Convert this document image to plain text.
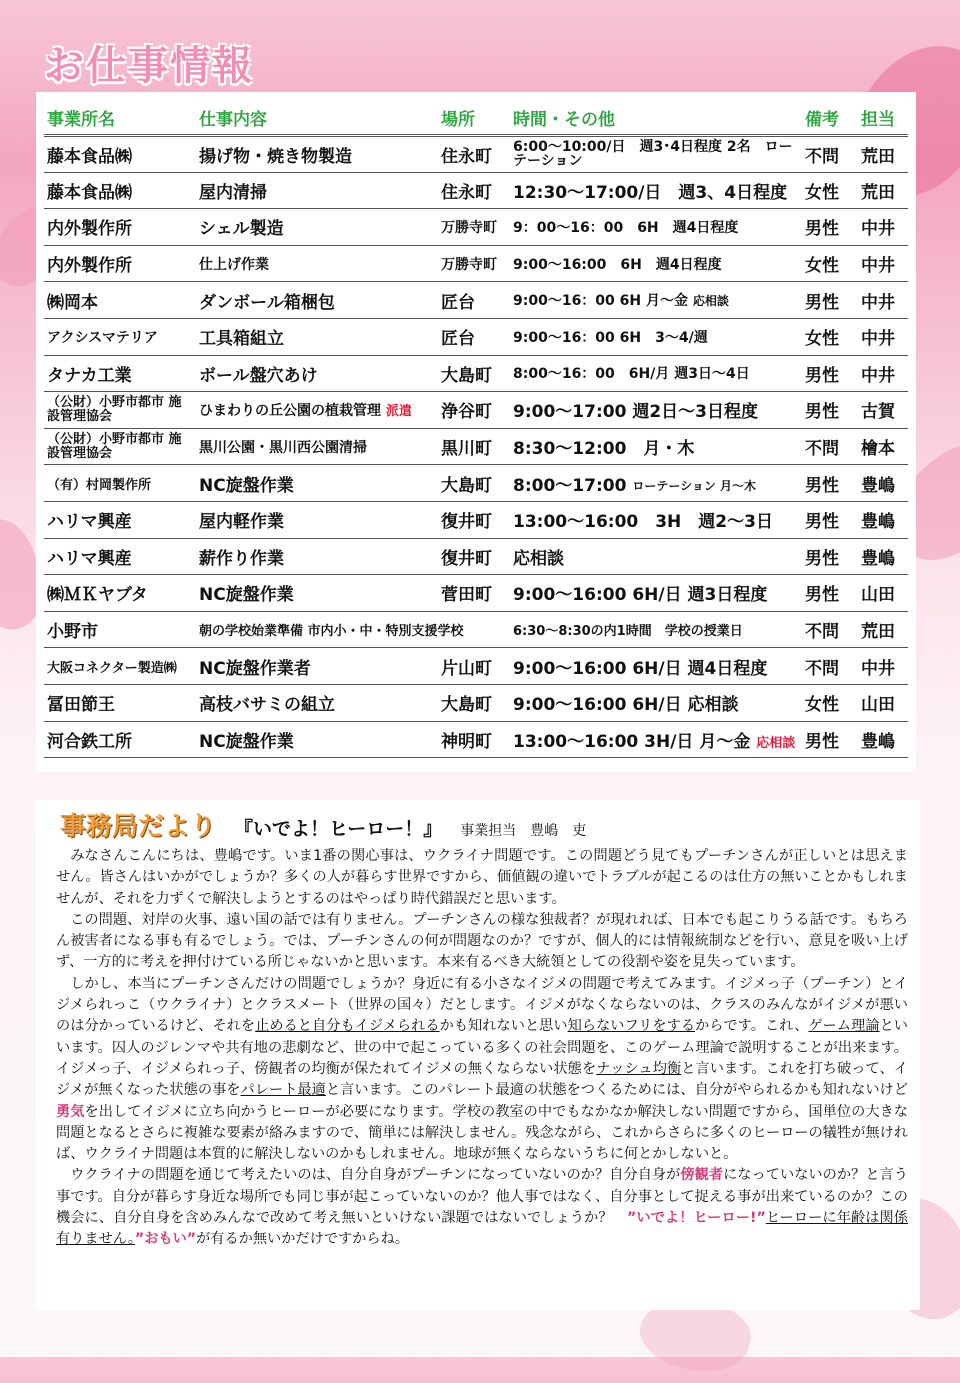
お仕事情報
事業所名	仕事内容	場所	時間・その他	備考	担当
藤本食品㈱	揚げ物・焼き物製造	住永町	6:00〜10:00/日　週3･4日程度 2名　ローテーション	不問	荒田
藤本食品㈱	屋内清掃	住永町	12:30〜17:00/日　週3、4日程度	女性	荒田
内外製作所	シェル製造	万勝寺町	9：00〜16：00　6H　週4日程度	男性	中井
内外製作所	仕上げ作業	万勝寺町	9:00〜16:00　6H　週4日程度	女性	中井
㈱岡本	ダンボール箱梱包	匠台	9:00〜16：00 6H 月〜金 応相談	男性	中井
アクシスマテリア	工具箱組立	匠台	9:00〜16：00 6H　3〜4/週	女性	中井
タナカ工業	ボール盤穴あけ	大島町	8:00〜16：00　6H/月 週3日〜4日	男性	中井
（公財）小野市都市 施設管理協会	ひまわりの丘公園の植栽管理 派遣	浄谷町	9:00〜17:00 週2日〜3日程度	男性	古賀
（公財）小野市都市 施設管理協会	黒川公園・黒川西公園清掃	黒川町	8:30〜12:00　月・木	不問	檜本
（有）村岡製作所	NC旋盤作業	大島町	8:00〜17:00 ローテーション 月〜木	男性	豊嶋
ハリマ興産	屋内軽作業	復井町	13:00〜16:00　3H　週2〜3日	男性	豊嶋
ハリマ興産	薪作り作業	復井町	応相談	男性	豊嶋
㈱ＭＫヤブタ	NC旋盤作業	菅田町	9:00〜16:00 6H/日 週3日程度	男性	山田
小野市	朝の学校始業準備 市内小・中・特別支援学校		6:30〜8:30の内1時間　学校の授業日	不問	荒田
大阪コネクター製造㈱	NC旋盤作業者	片山町	9:00〜16:00 6H/日 週4日程度	不問	中井
冨田節王	高枝バサミの組立	大島町	9:00〜16:00 6H/日 応相談	女性	山田
河合鉄工所	NC旋盤作業	神明町	13:00〜16:00 3H/日 月〜金 応相談	男性	豊嶋
事務局だより 『いでよ！ヒーロー！』 事業担当　豊嶋　吏

みなさんこんにちは、豊嶋です。いま1番の関心事は、ウクライナ問題です。この問題どう見てもプーチンさんが正しいとは思えません。皆さんはいかがでしょうか？多くの人が暮らす世界ですから、価値観の違いでトラブルが起こるのは仕方の無いことかもしれませんが、それを力ずくで解決しようとするのはやっぱり時代錯誤だと思います。

この問題、対岸の火事、遠い国の話では有りません。プーチンさんの様な独裁者？が現れれば、日本でも起こりうる話です。もちろん被害者になる事も有るでしょう。では、プーチンさんの何が問題なのか？ですが、個人的には情報統制などを行い、意見を吸い上げず、一方的に考えを押付けている所じゃないかと思います。本来有るべき大統領としての役割や姿を見失っています。

しかし、本当にプーチンさんだけの問題でしょうか？身近に有る小さなイジメの問題で考えてみます。イジメっ子（プーチン）とイジメられっこ（ウクライナ）とクラスメート（世界の国々）だとします。イジメがなくならないのは、クラスのみんながイジメが悪いのは分かっているけど、それを止めると自分もイジメられるかも知れないと思い知らないフリをするからです。これ、ゲーム理論といいます。囚人のジレンマや共有地の悲劇など、世の中で起こっている多くの社会問題を、このゲーム理論で説明することが出来ます。イジメっ子、イジメられっ子、傍観者の均衡が保たれてイジメの無くならない状態をナッシュ均衡と言います。これを打ち破って、イジメが無くなった状態の事をパレート最適と言います。このパレート最適の状態をつくるためには、自分がやられるかも知れないけど勇気を出してイジメに立ち向かうヒーローが必要になります。学校の教室の中でもなかなか解決しない問題ですから、国単位の大きな問題となるとさらに複雑な要素が絡みますので、簡単には解決しません。残念ながら、これからさらに多くのヒーローの犠牲が無ければ、ウクライナ問題は本質的に解決しないのかもしれません。地球が無くならないうちに何とかしないと。

ウクライナの問題を通じて考えたいのは、自分自身がプーチンになっていないのか？自分自身が傍観者になっていないのか？と言う事です。自分が暮らす身近な場所でも同じ事が起こっていないのか？他人事ではなく、自分事として捉える事が出来ているのか？この機会に、自分自身を含めみんなで改めて考え無いといけない課題ではないでしょうか？　”いでよ！ヒーロー!”ヒーローに年齢は関係有りません。”おもい”が有るか無いかだけですからね。
